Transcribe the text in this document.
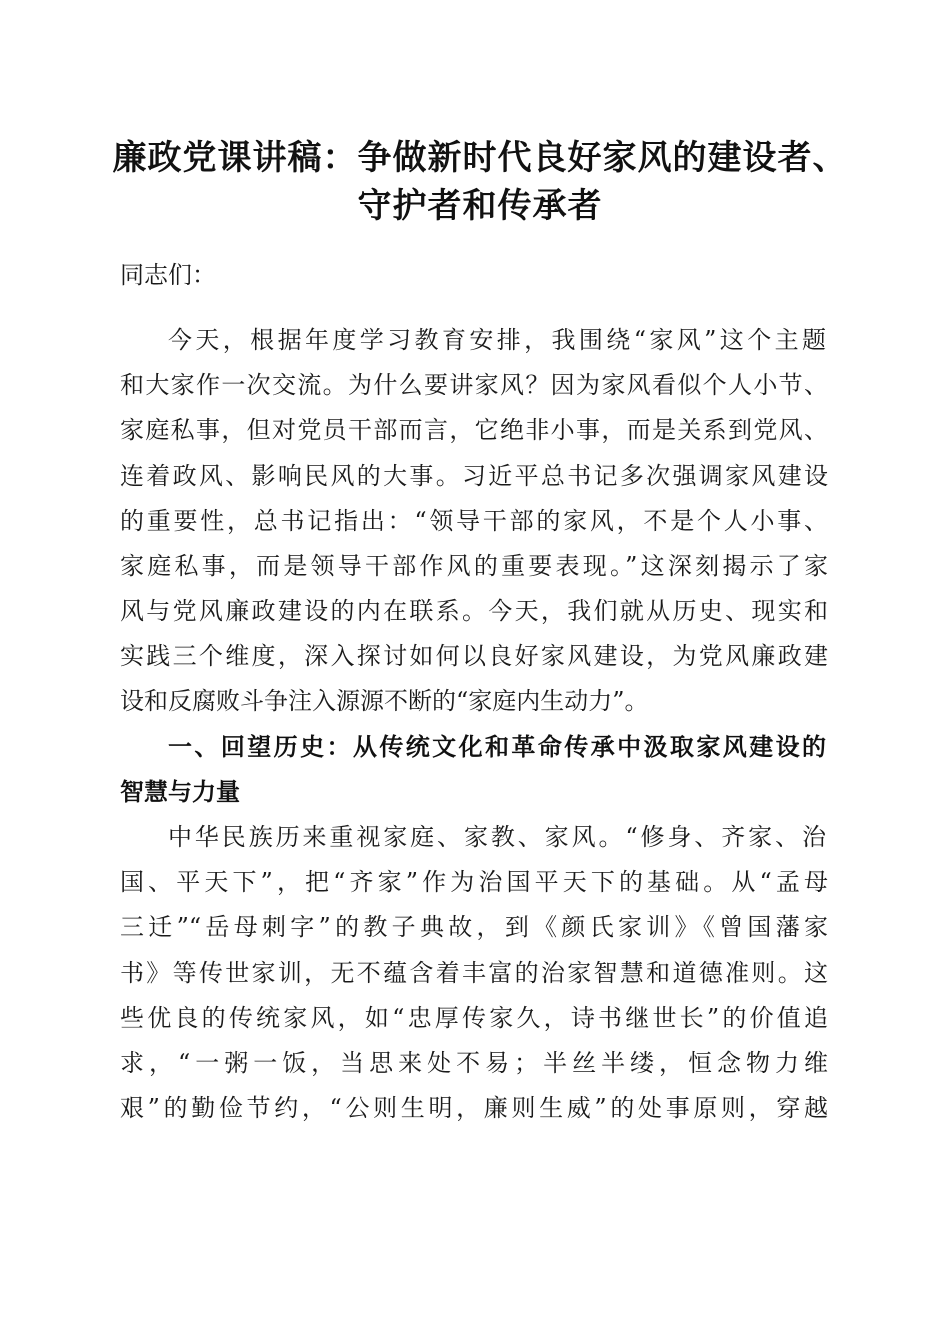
廉政党课讲稿：争做新时代良好家风的建设者、
守护者和传承者
同志们：
今天，根据年度学习教育安排，我围绕“家风”这个主题
和大家作一次交流。为什么要讲家风？因为家风看似个人小节、
家庭私事，但对党员干部而言，它绝非小事，而是关系到党风、
连着政风、影响民风的大事。习近平总书记多次强调家风建设
的重要性，总书记指出：“领导干部的家风，不是个人小事、
家庭私事，而是领导干部作风的重要表现。”这深刻揭示了家
风与党风廉政建设的内在联系。今天，我们就从历史、现实和
实践三个维度，深入探讨如何以良好家风建设，为党风廉政建
设和反腐败斗争注入源源不断的“家庭内生动力”。
一、回望历史：从传统文化和革命传承中汲取家风建设的
智慧与力量
中华民族历来重视家庭、家教、家风。“修身、齐家、治
国、平天下”，把“齐家”作为治国平天下的基础。从“孟母
三迁”“岳母刺字”的教子典故，到《颜氏家训》《曾国藩家
书》等传世家训，无不蕴含着丰富的治家智慧和道德准则。这
些优良的传统家风，如“忠厚传家久，诗书继世长”的价值追
求，“一粥一饭，当思来处不易；半丝半缕，恒念物力维
艰”的勤俭节约，“公则生明，廉则生威”的处事原则，穿越
